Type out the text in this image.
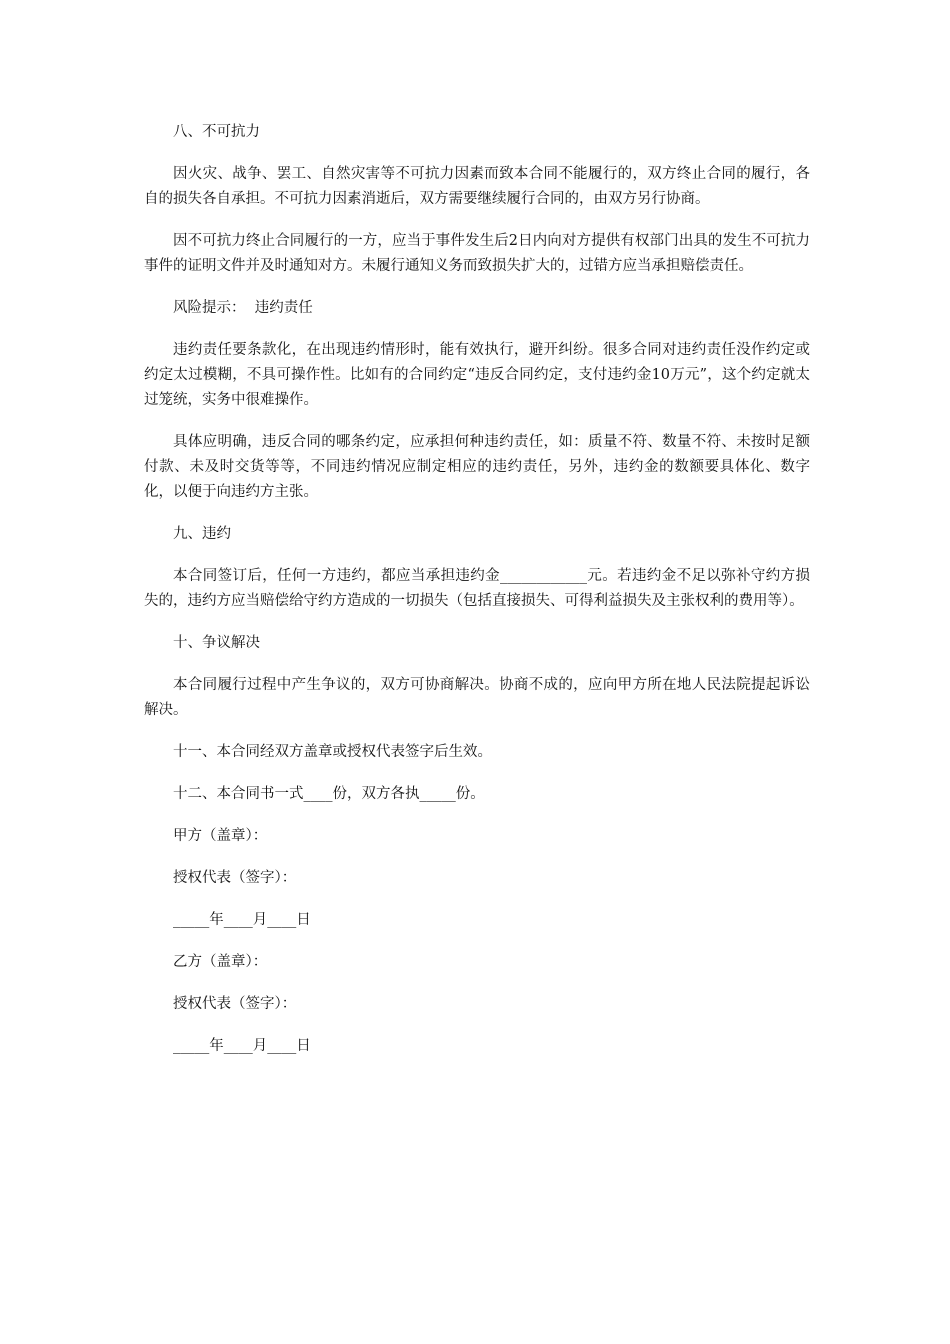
八、不可抗力

因火灾、战争、罢工、自然灾害等不可抗力因素而致本合同不能履行的，双方终止合同的履行，各自的损失各自承担。不可抗力因素消逝后，双方需要继续履行合同的，由双方另行协商。

因不可抗力终止合同履行的一方，应当于事件发生后2日内向对方提供有权部门出具的发生不可抗力事件的证明文件并及时通知对方。未履行通知义务而致损失扩大的，过错方应当承担赔偿责任。

风险提示：  违约责任

违约责任要条款化，在出现违约情形时，能有效执行，避开纠纷。很多合同对违约责任没作约定或约定太过模糊，不具可操作性。比如有的合同约定“违反合同约定，支付违约金10万元”，这个约定就太过笼统，实务中很难操作。

具体应明确，违反合同的哪条约定，应承担何种违约责任，如：质量不符、数量不符、未按时足额付款、未及时交货等等，不同违约情况应制定相应的违约责任，另外，违约金的数额要具体化、数字化，以便于向违约方主张。

九、违约

本合同签订后，任何一方违约，都应当承担违约金____________元。若违约金不足以弥补守约方损失的，违约方应当赔偿给守约方造成的一切损失（包括直接损失、可得利益损失及主张权利的费用等）。

十、争议解决

本合同履行过程中产生争议的，双方可协商解决。协商不成的，应向甲方所在地人民法院提起诉讼解决。

十一、本合同经双方盖章或授权代表签字后生效。

十二、本合同书一式____份，双方各执_____份。

甲方（盖章）：

授权代表（签字）：

_____年____月____日

乙方（盖章）：

授权代表（签字）：

_____年____月____日
